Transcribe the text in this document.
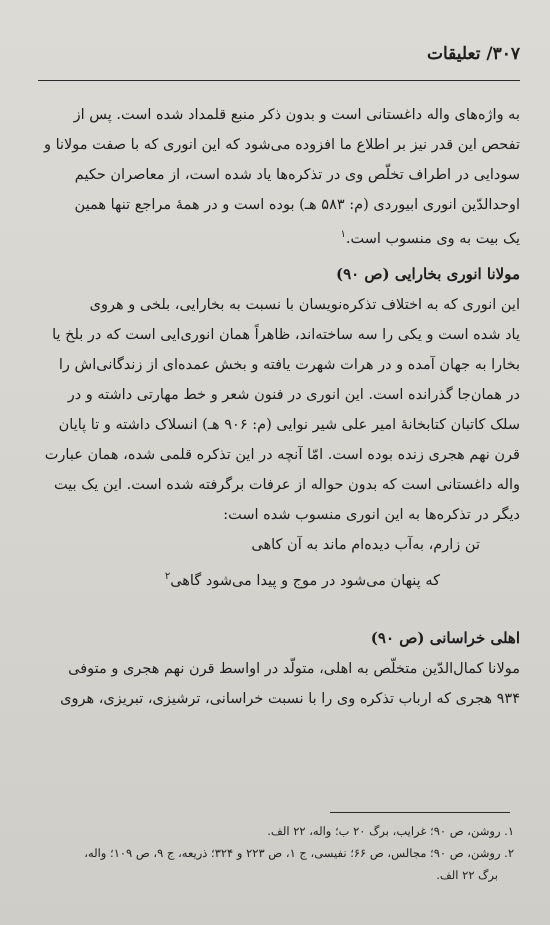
۳۰۷/ تعلیقات

به واژه‌های واله داغستانی است و بدون ذکر منبع قلمداد شده است. پس از

تفحص این قدر نیز بر اطلاع ما افزوده می‌شود که این انوری که با صفت مولانا و

سودایی در اطراف تخلّص وی در تذکره‌ها یاد شده است، از معاصران حکیم

اوحدالدّین انوری ابیوردی (م: ۵۸۳ هـ) بوده است و در همهٔ مراجع تنها همین

یک بیت به وی منسوب است.$^۱$

مولانا انوری بخارایی (ص ۹۰)

این انوری که به اختلاف تذکره‌نویسان با نسبت به بخارایی، بلخی و هروی

یاد شده است و یکی را سه ساخته‌اند، ظاهراً همان انوری‌ایی است که در بلخ یا

بخارا به جهان آمده و در هرات شهرت یافته و بخش عمده‌ای از زندگانی‌اش را

در همان‌جا گذرانده است. این انوری در فنون شعر و خط مهارتی داشته و در

سلک کاتبان کتابخانهٔ امیر علی شیر نوایی (م: ۹۰۶ هـ) انسلاک داشته و تا پایان

قرن نهم هجری زنده بوده است. امّا آنچه در این تذکره قلمی شده، همان عبارت

واله داغستانی است که بدون حواله از عرفات برگرفته شده است. این یک بیت

دیگر در تذکره‌ها به این انوری منسوب شده است:

تن زارم، به‌آب دیده‌ام ماند به آن کاهی

که پنهان می‌شود در موج و پیدا می‌شود گاهی$^۲$

اهلی خراسانی (ص ۹۰)

مولانا کمال‌الدّین متخلّص به اهلی، متولّد در اواسط قرن نهم هجری و متوفی

۹۳۴ هجری که ارباب تذکره وی را با نسبت خراسانی، ترشیزی، تبریزی، هروی

۱. روشن، ص ۹۰؛ غرایب، برگ ۲۰ ب؛ واله، ۲۲ الف.

۲. روشن، ص ۹۰؛ مجالس، ص ۶۶؛ نفیسی، ج ۱، ص ۲۲۳ و ۳۲۴؛ ذریعه، ج ۹، ص ۱۰۹؛ واله،

برگ ۲۲ الف.
